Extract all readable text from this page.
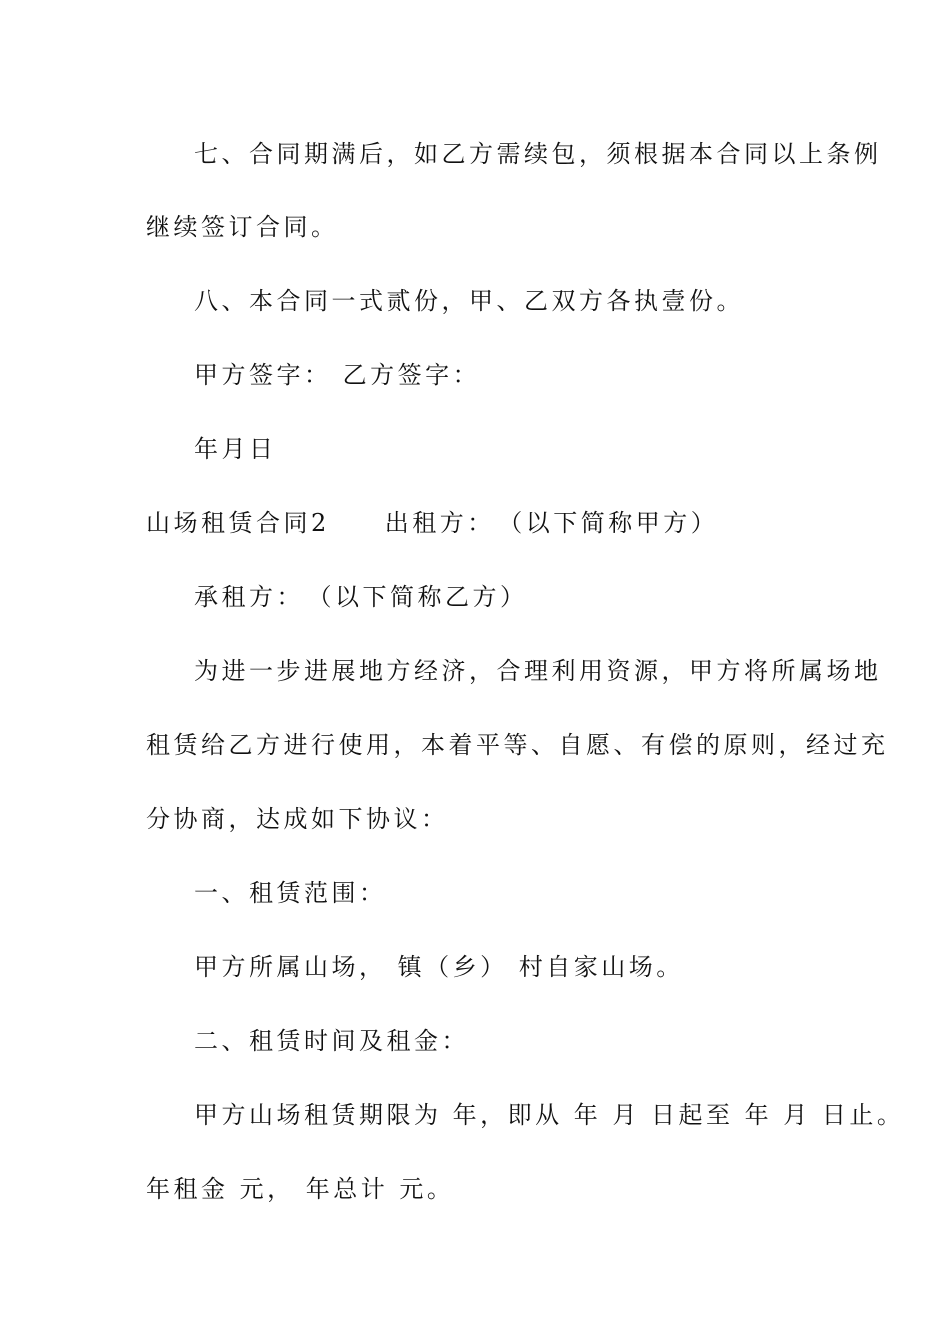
七、合同期满后，如乙方需续包，须根据本合同以上条例

继续签订合同。

八、本合同一式贰份，甲、乙双方各执壹份。

甲方签字： 乙方签字：

年月日

山场租赁合同2　　出租方：　（以下简称甲方）

承租方：　（以下简称乙方）

为进一步进展地方经济，合理利用资源，甲方将所属场地

租赁给乙方进行使用，本着平等、自愿、有偿的原则，经过充

分协商，达成如下协议：

一、租赁范围：

甲方所属山场， 镇（乡） 村自家山场。

二、租赁时间及租金：

甲方山场租赁期限为 年，即从 年 月 日起至 年 月 日止。

年租金 元， 年总计 元。
